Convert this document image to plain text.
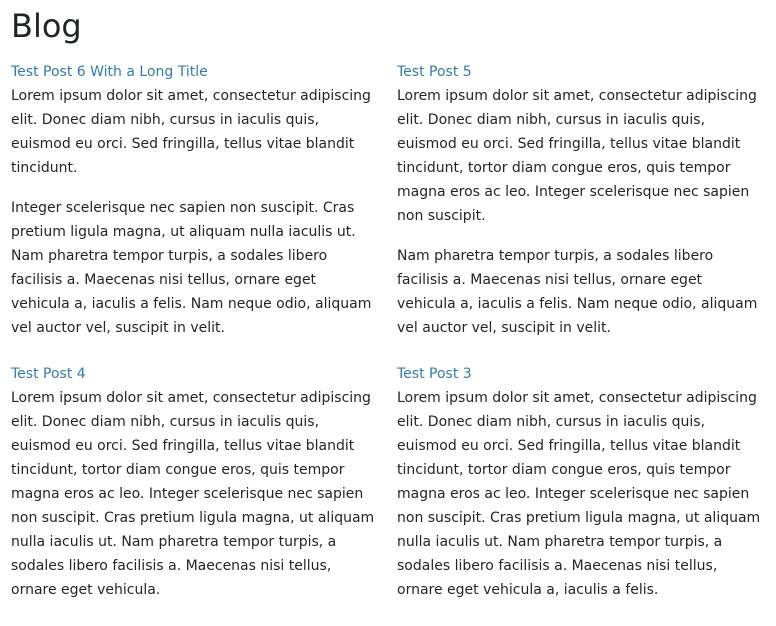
Blog
Test Post 6 With a Long Title

Lorem ipsum dolor sit amet, consectetur adipiscing elit. Donec diam nibh, cursus in iaculis quis, euismod eu orci. Sed fringilla, tellus vitae blandit tincidunt.

Integer scelerisque nec sapien non suscipit. Cras pretium ligula magna, ut aliquam nulla iaculis ut. Nam pharetra tempor turpis, a sodales libero facilisis a. Maecenas nisi tellus, ornare eget vehicula a, iaculis a felis. Nam neque odio, aliquam vel auctor vel, suscipit in velit.

Test Post 5

Lorem ipsum dolor sit amet, consectetur adipiscing elit. Donec diam nibh, cursus in iaculis quis, euismod eu orci. Sed fringilla, tellus vitae blandit tincidunt, tortor diam congue eros, quis tempor magna eros ac leo. Integer scelerisque nec sapien non suscipit.

Nam pharetra tempor turpis, a sodales libero facilisis a. Maecenas nisi tellus, ornare eget vehicula a, iaculis a felis. Nam neque odio, aliquam vel auctor vel, suscipit in velit.

Test Post 4

Lorem ipsum dolor sit amet, consectetur adipiscing elit. Donec diam nibh, cursus in iaculis quis, euismod eu orci. Sed fringilla, tellus vitae blandit tincidunt, tortor diam congue eros, quis tempor magna eros ac leo. Integer scelerisque nec sapien non suscipit. Cras pretium ligula magna, ut aliquam nulla iaculis ut. Nam pharetra tempor turpis, a sodales libero facilisis a. Maecenas nisi tellus, ornare eget vehicula.

Test Post 3

Lorem ipsum dolor sit amet, consectetur adipiscing elit. Donec diam nibh, cursus in iaculis quis, euismod eu orci. Sed fringilla, tellus vitae blandit tincidunt, tortor diam congue eros, quis tempor magna eros ac leo. Integer scelerisque nec sapien non suscipit. Cras pretium ligula magna, ut aliquam nulla iaculis ut. Nam pharetra tempor turpis, a sodales libero facilisis a. Maecenas nisi tellus, ornare eget vehicula a, iaculis a felis.
